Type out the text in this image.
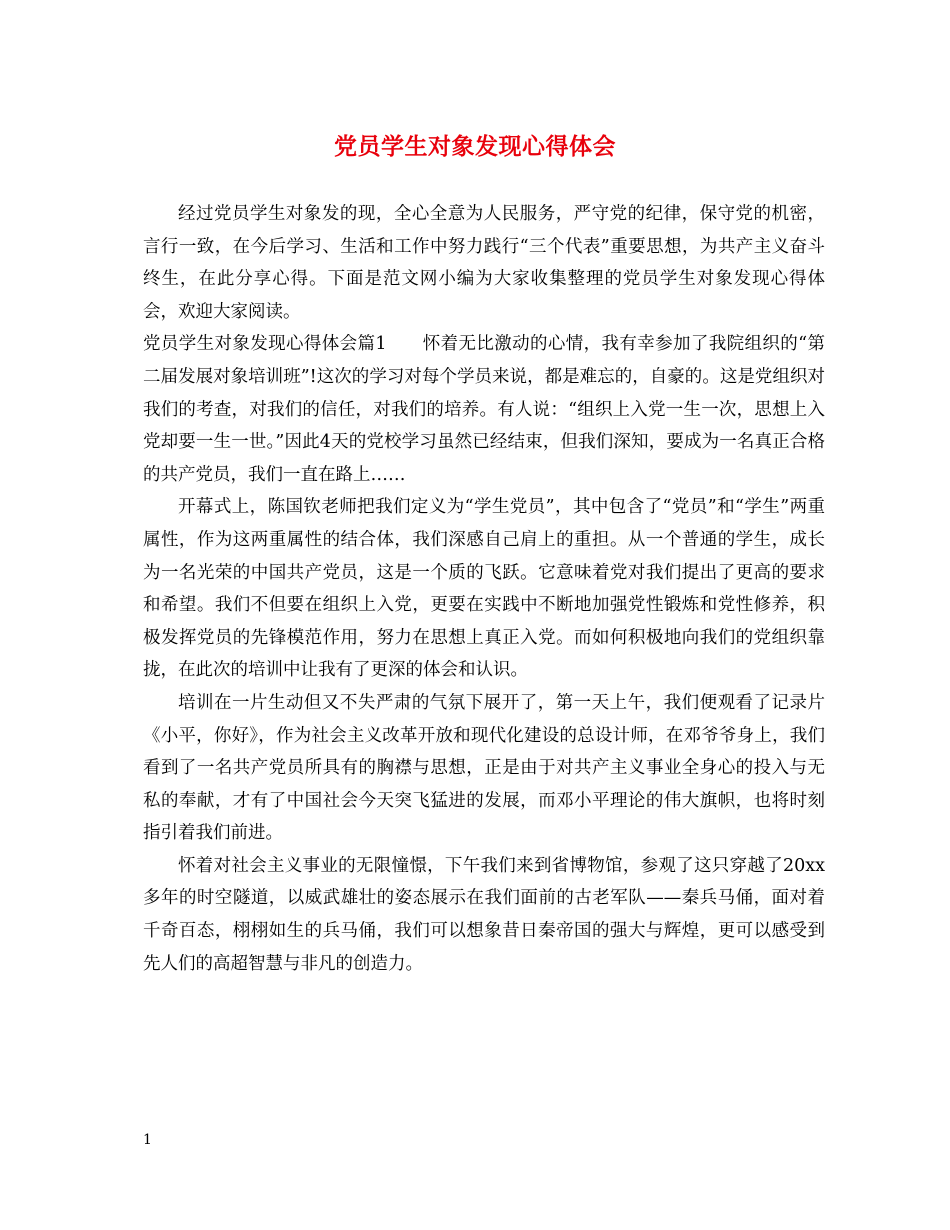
党员学生对象发现心得体会

经过党员学生对象发的现，全心全意为人民服务，严守党的纪律，保守党的机密，言行一致，在今后学习、生活和工作中努力践行“三个代表”重要思想，为共产主义奋斗终生，在此分享心得。下面是范文网小编为大家收集整理的党员学生对象发现心得体会，欢迎大家阅读。

党员学生对象发现心得体会篇1　　怀着无比激动的心情，我有幸参加了我院组织的“第二届发展对象培训班”!这次的学习对每个学员来说，都是难忘的，自豪的。这是党组织对我们的考查，对我们的信任，对我们的培养。有人说：“组织上入党一生一次，思想上入党却要一生一世。”因此4天的党校学习虽然已经结束，但我们深知，要成为一名真正合格的共产党员，我们一直在路上……

开幕式上，陈国钦老师把我们定义为“学生党员”，其中包含了“党员”和“学生”两重属性，作为这两重属性的结合体，我们深感自己肩上的重担。从一个普通的学生，成长为一名光荣的中国共产党员，这是一个质的飞跃。它意味着党对我们提出了更高的要求和希望。我们不但要在组织上入党，更要在实践中不断地加强党性锻炼和党性修养，积极发挥党员的先锋模范作用，努力在思想上真正入党。而如何积极地向我们的党组织靠拢，在此次的培训中让我有了更深的体会和认识。

培训在一片生动但又不失严肃的气氛下展开了，第一天上午，我们便观看了记录片《小平，你好》，作为社会主义改革开放和现代化建设的总设计师，在邓爷爷身上，我们看到了一名共产党员所具有的胸襟与思想，正是由于对共产主义事业全身心的投入与无私的奉献，才有了中国社会今天突飞猛进的发展，而邓小平理论的伟大旗帜，也将时刻指引着我们前进。

怀着对社会主义事业的无限憧憬，下午我们来到省博物馆，参观了这只穿越了20xx多年的时空隧道，以威武雄壮的姿态展示在我们面前的古老军队——秦兵马俑，面对着千奇百态，栩栩如生的兵马俑，我们可以想象昔日秦帝国的强大与辉煌，更可以感受到先人们的高超智慧与非凡的创造力。

1
